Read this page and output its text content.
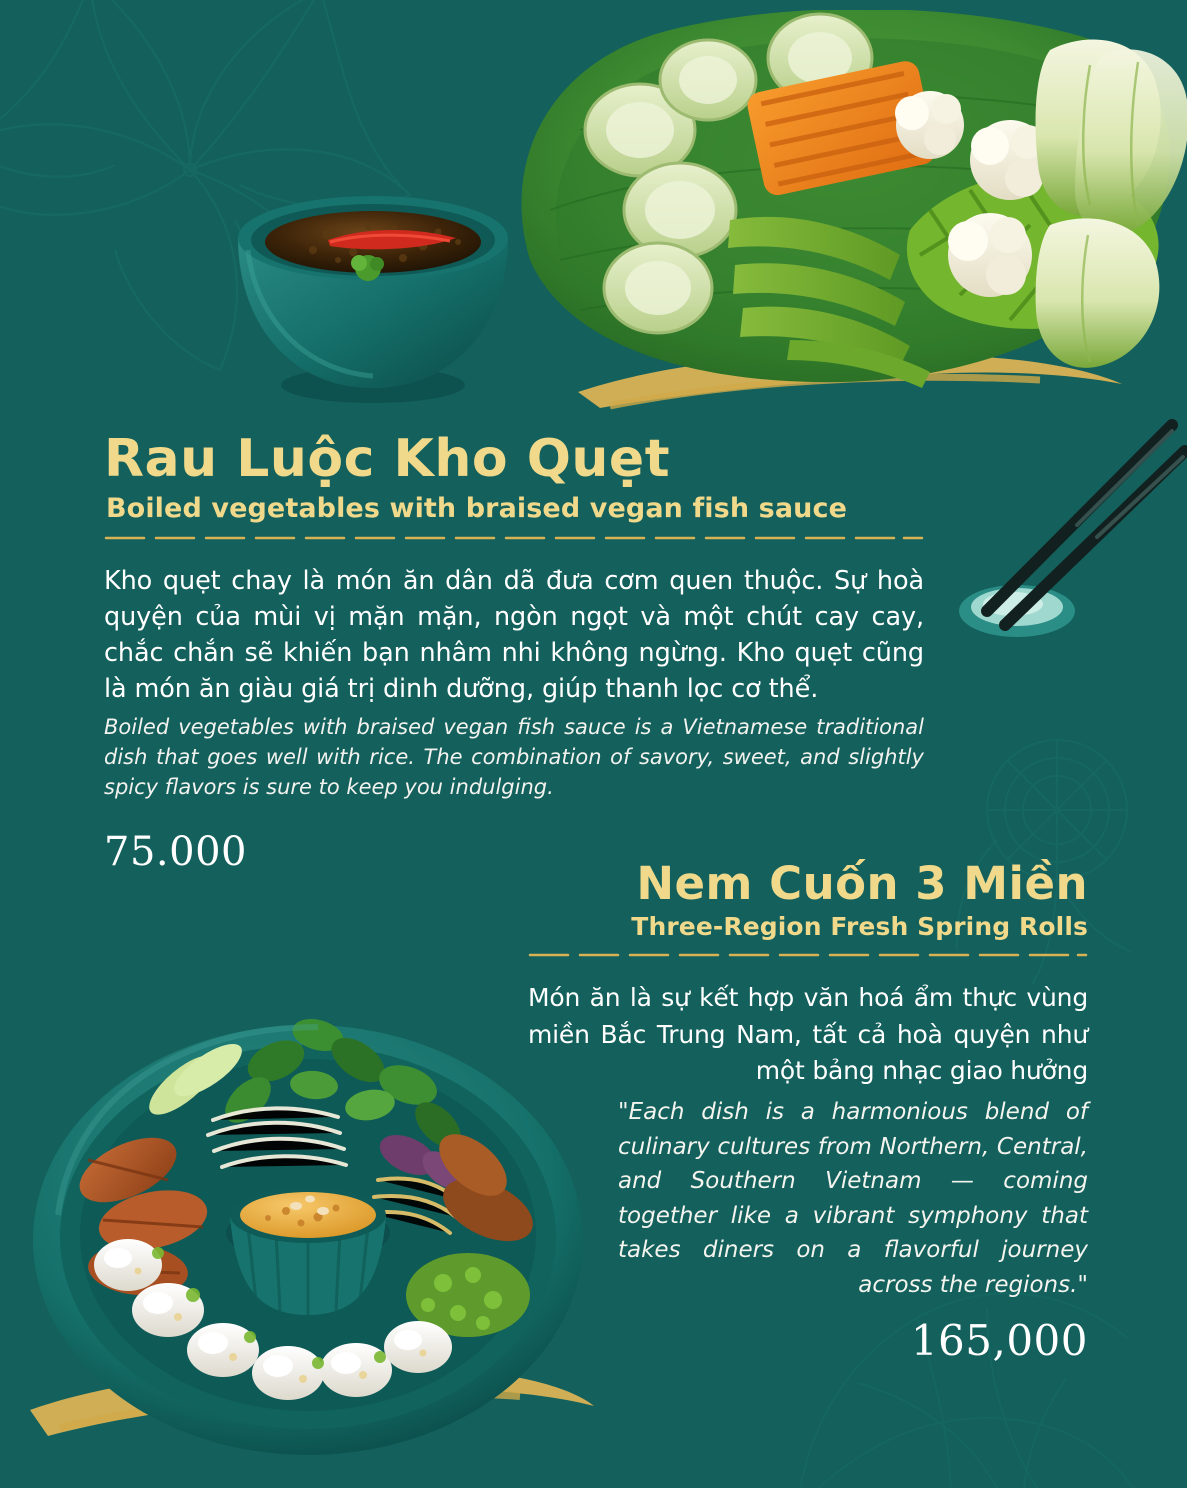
Rau Luộc Kho Quẹt
Boiled vegetables with braised vegan fish sauce

Kho quẹt chay là món ăn dân dã đưa cơm quen thuộc. Sự hoà quyện của mùi vị mặn mặn, ngòn ngọt và một chút cay cay, chắc chắn sẽ khiến bạn nhâm nhi không ngừng. Kho quẹt cũng là món ăn giàu giá trị dinh dưỡng, giúp thanh lọc cơ thể.

Boiled vegetables with braised vegan fish sauce is a Vietnamese traditional dish that goes well with rice. The combination of savory, sweet, and slightly spicy flavors is sure to keep you indulging.

75.000
Nem Cuốn 3 Miền
Three-Region Fresh Spring Rolls

Món ăn là sự kết hợp văn hoá ẩm thực vùng miền Bắc Trung Nam, tất cả hoà quyện như một bảng nhạc giao hưởng

"Each dish is a harmonious blend of culinary cultures from Northern, Central, and Southern Vietnam — coming together like a vibrant symphony that takes diners on a flavorful journey across the regions."

165,000
